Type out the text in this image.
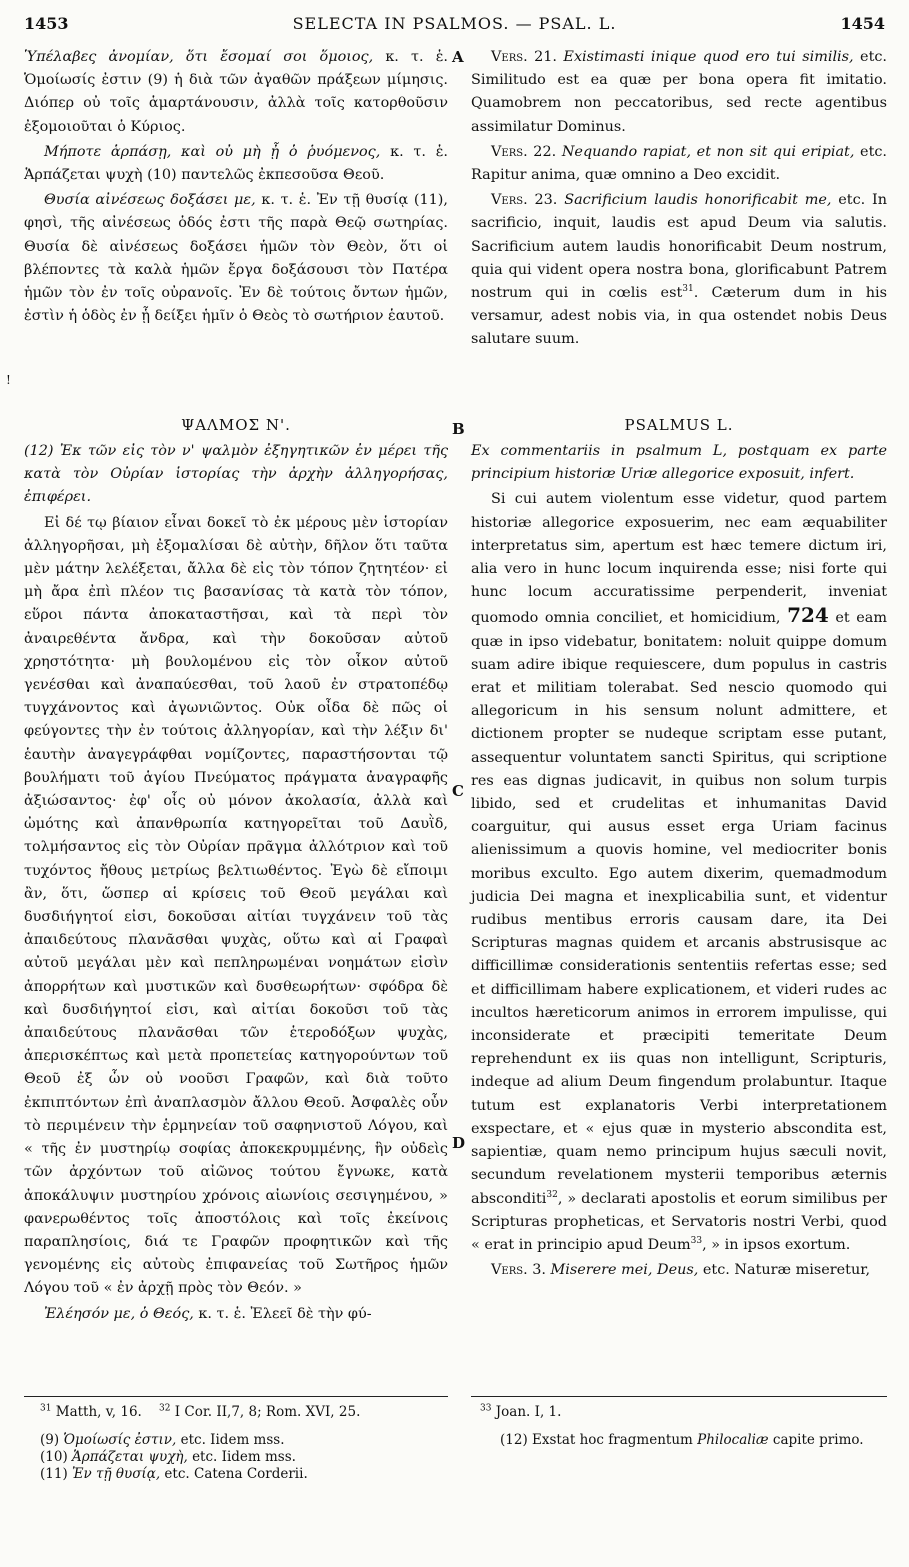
1453	SELECTA IN PSALMOS. — PSAL. L.	1454
!
A
B
C
D

Ὑπέλαβες ἀνομίαν, ὅτι ἔσομαί σοι ὅμοιος, κ. τ. ἑ. Ὁμοίωσίς ἐστιν (9) ἡ διὰ τῶν ἀγαθῶν πράξεων μίμησις. Διόπερ οὐ τοῖς ἁμαρτάνουσιν, ἀλλὰ τοῖς κατορθοῦσιν ἐξομοιοῦται ὁ Κύριος.

Μήποτε ἁρπάσῃ, καὶ οὐ μὴ ᾖ ὁ ῥυόμενος, κ. τ. ἑ. Ἁρπάζεται ψυχὴ (10) παντελῶς ἐκπεσοῦσα Θεοῦ.

Θυσία αἰνέσεως δοξάσει με, κ. τ. ἑ. Ἐν τῇ θυσίᾳ (11), φησὶ, τῆς αἰνέσεως ὁδός ἐστι τῆς παρὰ Θεῷ σωτηρίας. Θυσία δὲ αἰνέσεως δοξάσει ἡμῶν τὸν Θεὸν, ὅτι οἱ βλέποντες τὰ καλὰ ἡμῶν ἔργα δοξάσουσι τὸν Πατέρα ἡμῶν τὸν ἐν τοῖς οὐρανοῖς. Ἐν δὲ τούτοις ὄντων ἡμῶν, ἐστὶν ἡ ὁδὸς ἐν ᾗ δείξει ἡμῖν ὁ Θεὸς τὸ σωτήριον ἑαυτοῦ.

Vers. 21. Existimasti inique quod ero tui similis, etc. Similitudo est ea quæ per bona opera fit imitatio. Quamobrem non peccatoribus, sed recte agentibus assimilatur Dominus.

Vers. 22. Nequando rapiat, et non sit qui eripiat, etc. Rapitur anima, quæ omnino a Deo excidit.

Vers. 23. Sacrificium laudis honorificabit me, etc. In sacrificio, inquit, laudis est apud Deum via salutis. Sacrificium autem laudis honorificabit Deum nostrum, quia qui vident opera nostra bona, glorificabunt Patrem nostrum qui in cœlis est$^{31}$. Cæterum dum in his versamur, adest nobis via, in qua ostendet nobis Deus salutare suum.

ΨΑΛΜΟΣ Ν'.	PSALMUS L.

(12) Ἐκ τῶν εἰς τὸν ν' ψαλμὸν ἐξηγητικῶν ἐν μέρει τῆς κατὰ τὸν Οὐρίαν ἱστορίας τὴν ἀρχὴν ἀλληγορήσας, ἐπιφέρει.

Εἰ δέ τῳ βίαιον εἶναι δοκεῖ τὸ ἐκ μέρους μὲν ἱστορίαν ἀλληγορῆσαι, μὴ ἐξομαλίσαι δὲ αὐτὴν, δῆλον ὅτι ταῦτα μὲν μάτην λελέξεται, ἄλλα δὲ εἰς τὸν τόπον ζητητέον· εἰ μὴ ἄρα ἐπὶ πλέον τις βασανίσας τὰ κατὰ τὸν τόπον, εὕροι πάντα ἀποκαταστῆσαι, καὶ τὰ περὶ τὸν ἀναιρεθέντα ἄνδρα, καὶ τὴν δοκοῦσαν αὐτοῦ χρηστότητα· μὴ βουλομένου εἰς τὸν οἶκον αὐτοῦ γενέσθαι καὶ ἀναπαύεσθαι, τοῦ λαοῦ ἐν στρατοπέδῳ τυγχάνοντος καὶ ἀγωνιῶντος. Οὐκ οἶδα δὲ πῶς οἱ φεύγοντες τὴν ἐν τούτοις ἀλληγορίαν, καὶ τὴν λέξιν δι' ἑαυτὴν ἀναγεγράφθαι νομίζοντες, παραστήσονται τῷ βουλήματι τοῦ ἁγίου Πνεύματος πράγματα ἀναγραφῆς ἀξιώσαντος· ἐφ' οἷς οὐ μόνον ἀκολασία, ἀλλὰ καὶ ὠμότης καὶ ἀπανθρωπία κατηγορεῖται τοῦ Δαυῒδ, τολμήσαντος εἰς τὸν Οὐρίαν πρᾶγμα ἀλλότριον καὶ τοῦ τυχόντος ἤθους μετρίως βελτιωθέντος. Ἐγὼ δὲ εἴποιμι ἂν, ὅτι, ὥσπερ αἱ κρίσεις τοῦ Θεοῦ μεγάλαι καὶ δυσδιήγητοί εἰσι, δοκοῦσαι αἰτίαι τυγχάνειν τοῦ τὰς ἀπαιδεύτους πλανᾶσθαι ψυχὰς, οὕτω καὶ αἱ Γραφαὶ αὐτοῦ μεγάλαι μὲν καὶ πεπληρωμέναι νοημάτων εἰσὶν ἀπορρήτων καὶ μυστικῶν καὶ δυσθεωρήτων· σφόδρα δὲ καὶ δυσδιήγητοί εἰσι, καὶ αἰτίαι δοκοῦσι τοῦ τὰς ἀπαιδεύτους πλανᾶσθαι τῶν ἑτεροδόξων ψυχὰς, ἀπερισκέπτως καὶ μετὰ προπετείας κατηγορούντων τοῦ Θεοῦ ἐξ ὧν οὐ νοοῦσι Γραφῶν, καὶ διὰ τοῦτο ἐκπιπτόντων ἐπὶ ἀναπλασμὸν ἄλλου Θεοῦ. Ἀσφαλὲς οὖν τὸ περιμένειν τὴν ἑρμηνείαν τοῦ σαφηνιστοῦ Λόγου, καὶ « τῆς ἐν μυστηρίῳ σοφίας ἀποκεκρυμμένης, ἣν οὐδεὶς τῶν ἀρχόντων τοῦ αἰῶνος τούτου ἔγνωκε, κατὰ ἀποκάλυψιν μυστηρίου χρόνοις αἰωνίοις σεσιγημένου, » φανερωθέντος τοῖς ἀποστόλοις καὶ τοῖς ἐκείνοις παραπλησίοις, διά τε Γραφῶν προφητικῶν καὶ τῆς γενομένης εἰς αὐτοὺς ἐπιφανείας τοῦ Σωτῆρος ἡμῶν Λόγου τοῦ « ἐν ἀρχῇ πρὸς τὸν Θεόν. »

Ἐλέησόν με, ὁ Θεός, κ. τ. ἑ. Ἐλεεῖ δὲ τὴν φύ-

Ex commentariis in psalmum L, postquam ex parte principium historiæ Uriæ allegorice exposuit, infert.

Si cui autem violentum esse videtur, quod partem historiæ allegorice exposuerim, nec eam æquabiliter interpretatus sim, apertum est hæc temere dictum iri, alia vero in hunc locum inquirenda esse; nisi forte qui hunc locum accuratissime perpenderit, inveniat quomodo omnia conciliet, et homicidium, 724 et eam quæ in ipso videbatur, bonitatem: noluit quippe domum suam adire ibique requiescere, dum populus in castris erat et militiam tolerabat. Sed nescio quomodo qui allegoricum in his sensum nolunt admittere, et dictionem propter se nudeque scriptam esse putant, assequentur voluntatem sancti Spiritus, qui scriptione res eas dignas judicavit, in quibus non solum turpis libido, sed et crudelitas et inhumanitas David coarguitur, qui ausus esset erga Uriam facinus alienissimum a quovis homine, vel mediocriter bonis moribus exculto. Ego autem dixerim, quemadmodum judicia Dei magna et inexplicabilia sunt, et videntur rudibus mentibus erroris causam dare, ita Dei Scripturas magnas quidem et arcanis abstrusisque ac difficillimæ considerationis sententiis refertas esse; sed et difficillimam habere explicationem, et videri rudes ac incultos hæreticorum animos in errorem impulisse, qui inconsiderate et præcipiti temeritate Deum reprehendunt ex iis quas non intelligunt, Scripturis, indeque ad alium Deum fingendum prolabuntur. Itaque tutum est explanatoris Verbi interpretationem exspectare, et « ejus quæ in mysterio abscondita est, sapientiæ, quam nemo principum hujus sæculi novit, secundum revelationem mysterii temporibus æternis absconditi$^{32}$, » declarati apostolis et eorum similibus per Scripturas propheticas, et Servatoris nostri Verbi, quod « erat in principio apud Deum$^{33}$, » in ipsos exortum.

Vers. 3. Miserere mei, Deus, etc. Naturæ miseretur,

$^{31}$ Matth, v, 16. $^{32}$ I Cor. II,7, 8; Rom. XVI, 25.	$^{33}$ Joan. I, 1.

(9) Ὁμοίωσίς ἐστιν, etc. Iidem mss.

(10) Ἁρπάζεται ψυχὴ, etc. Iidem mss.

(11) Ἐν τῇ θυσίᾳ, etc. Catena Corderii.

(12) Exstat hoc fragmentum Philocaliæ capite primo.
